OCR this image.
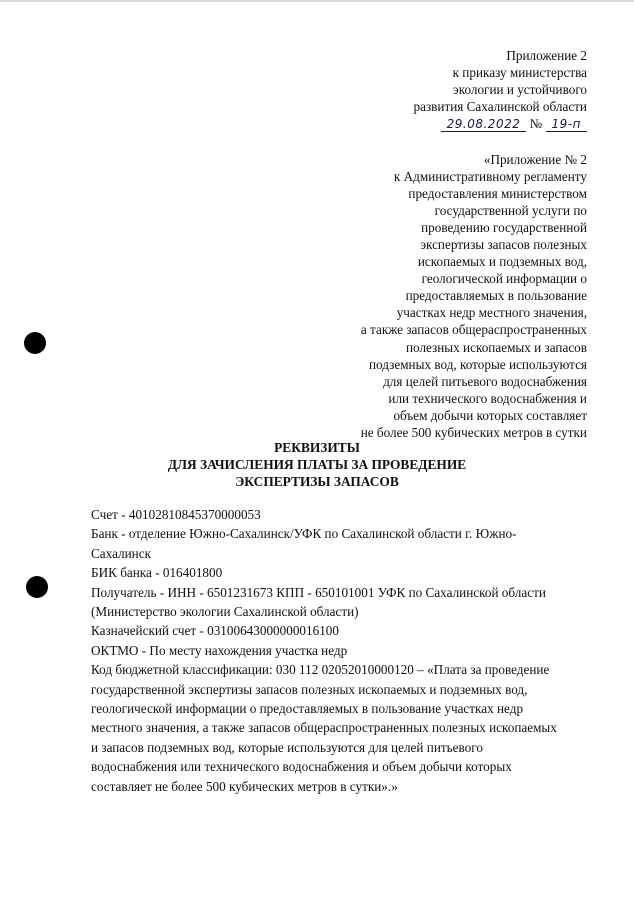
Приложение 2
к приказу министерства
экологии и устойчивого
развития Сахалинской области
29.08.2022 № 19-п
«Приложение № 2
к Административному регламенту
предоставления министерством
государственной услуги по
проведению государственной
экспертизы запасов полезных
ископаемых и подземных вод,
геологической информации о
предоставляемых в пользование
участках недр местного значения,
а также запасов общераспространенных
полезных ископаемых и запасов
подземных вод, которые используются
для целей питьевого водоснабжения
или технического водоснабжения и
объем добычи которых составляет
не более 500 кубических метров в сутки
РЕКВИЗИТЫ
ДЛЯ ЗАЧИСЛЕНИЯ ПЛАТЫ ЗА ПРОВЕДЕНИЕ
ЭКСПЕРТИЗЫ ЗАПАСОВ
Счет - 40102810845370000053
Банк - отделение Южно-Сахалинск/УФК по Сахалинской области г. Южно-
Сахалинск
БИК банка - 016401800
Получатель - ИНН - 6501231673 КПП - 650101001 УФК по Сахалинской области
(Министерство экологии Сахалинской области)
Казначейский счет - 03100643000000016100
ОКТМО - По месту нахождения участка недр
Код бюджетной классификации: 030 112 02052010000120 – «Плата за проведение
государственной экспертизы запасов полезных ископаемых и подземных вод,
геологической информации о предоставляемых в пользование участках недр
местного значения, а также запасов общераспространенных полезных ископаемых
и запасов подземных вод, которые используются для целей питьевого
водоснабжения или технического водоснабжения и объем добычи которых
составляет не более 500 кубических метров в сутки».»
